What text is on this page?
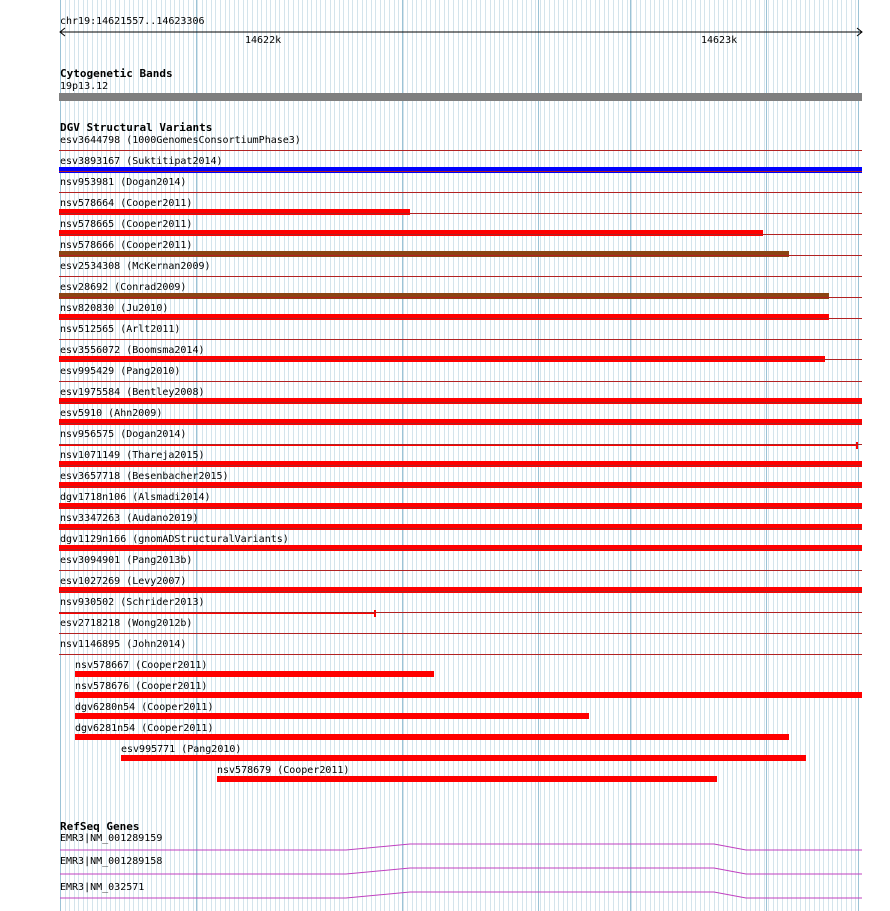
chr19:14621557..14623306
14622k	14623k
Cytogenetic Bands
19p13.12
DGV Structural Variants
esv3644798 (1000GenomesConsortiumPhase3)
esv3893167 (Suktitipat2014)
nsv953981 (Dogan2014)
nsv578664 (Cooper2011)
nsv578665 (Cooper2011)
nsv578666 (Cooper2011)
esv2534308 (McKernan2009)
esv28692 (Conrad2009)
nsv820830 (Ju2010)
nsv512565 (Arlt2011)
esv3556072 (Boomsma2014)
esv995429 (Pang2010)
esv1975584 (Bentley2008)
esv5910 (Ahn2009)
nsv956575 (Dogan2014)
nsv1071149 (Thareja2015)
esv3657718 (Besenbacher2015)
dgv1718n106 (Alsmadi2014)
nsv3347263 (Audano2019)
dgv1129n166 (gnomADStructuralVariants)
esv3094901 (Pang2013b)
esv1027269 (Levy2007)
nsv930502 (Schrider2013)
esv2718218 (Wong2012b)
nsv1146895 (John2014)
nsv578667 (Cooper2011)
nsv578676 (Cooper2011)
dgv6280n54 (Cooper2011)
dgv6281n54 (Cooper2011)
esv995771 (Pang2010)
nsv578679 (Cooper2011)
RefSeq Genes
EMR3|NM_001289159
EMR3|NM_001289158
EMR3|NM_032571
